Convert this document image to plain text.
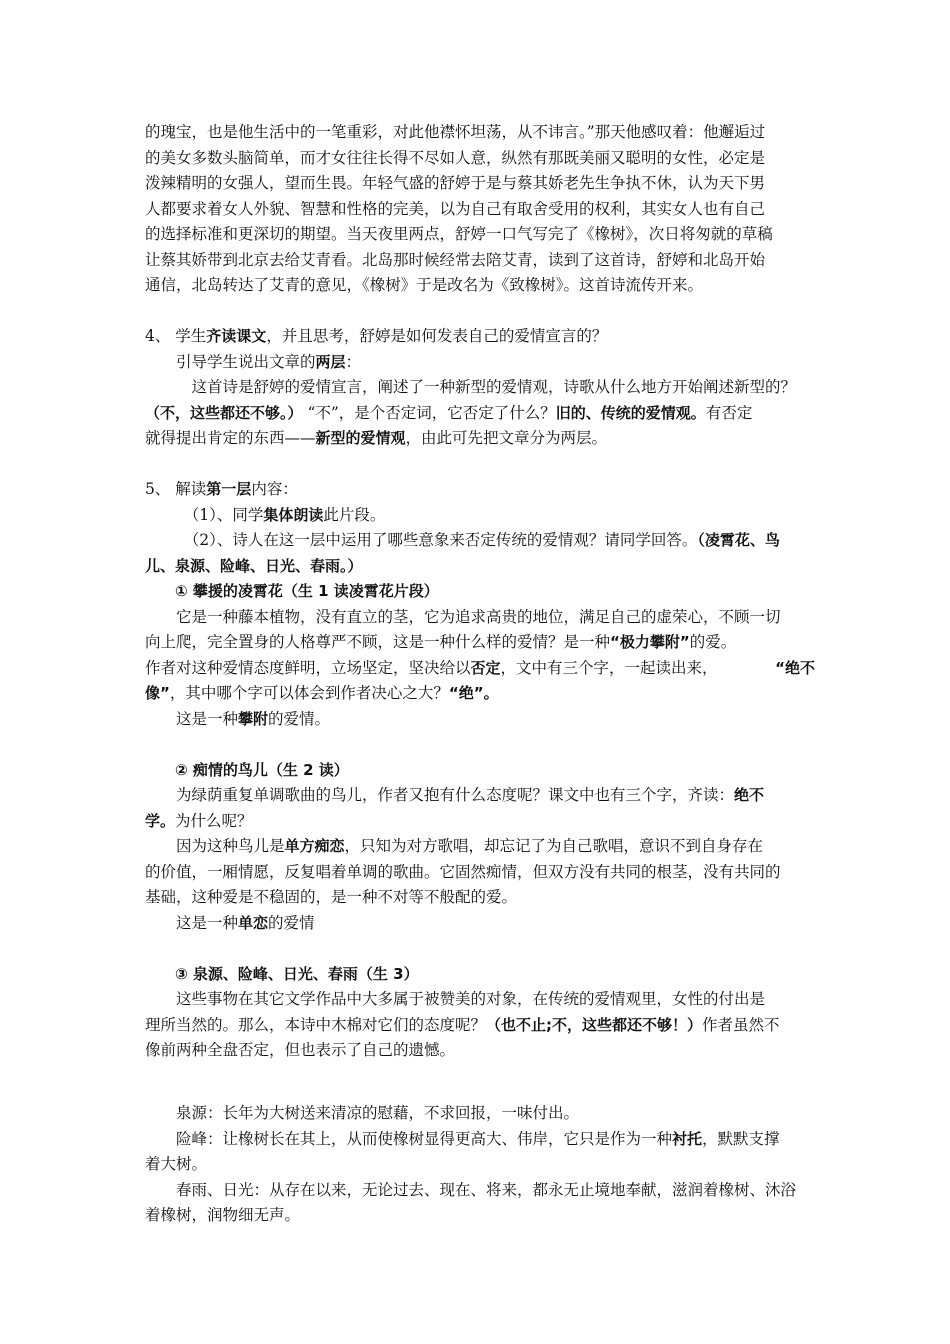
的瑰宝，也是他生活中的一笔重彩，对此他襟怀坦荡，从不讳言。”那天他感叹着：他邂逅过

的美女多数头脑简单，而才女往往长得不尽如人意，纵然有那既美丽又聪明的女性，必定是

泼辣精明的女强人，望而生畏。年轻气盛的舒婷于是与蔡其娇老先生争执不休，认为天下男

人都要求着女人外貌、智慧和性格的完美，以为自己有取舍受用的权利，其实女人也有自己

的选择标准和更深切的期望。当天夜里两点，舒婷一口气写完了《橡树》，次日将匆就的草稿

让蔡其娇带到北京去给艾青看。北岛那时候经常去陪艾青，读到了这首诗，舒婷和北岛开始

通信，北岛转达了艾青的意见，《橡树》于是改名为《致橡树》。这首诗流传开来。

4、 学生齐读课文，并且思考，舒婷是如何发表自己的爱情宣言的？

引导学生说出文章的两层：

这首诗是舒婷的爱情宣言，阐述了一种新型的爱情观，诗歌从什么地方开始阐述新型的？

（不，这些都还不够。） “不”，是个否定词，它否定了什么？旧的、传统的爱情观。有否定

就得提出肯定的东西——新型的爱情观，由此可先把文章分为两层。

5、 解读第一层内容：

（1）、同学集体朗读此片段。

（2）、诗人在这一层中运用了哪些意象来否定传统的爱情观？请同学回答。（凌霄花、鸟

儿、泉源、险峰、日光、春雨。）

① 攀援的凌霄花（生 1 读凌霄花片段）

它是一种藤本植物，没有直立的茎，它为追求高贵的地位，满足自己的虚荣心，不顾一切

向上爬，完全置身的人格尊严不顾，这是一种什么样的爱情？是一种“极力攀附”的爱。

作者对这种爱情态度鲜明，立场坚定，坚决给以否定，文中有三个字，一起读出来，	“绝不

像”，其中哪个字可以体会到作者决心之大？“绝”。

这是一种攀附的爱情。

② 痴情的鸟儿（生 2 读）

为绿荫重复单调歌曲的鸟儿，作者又抱有什么态度呢？课文中也有三个字，齐读：绝不

学。为什么呢？

因为这种鸟儿是单方痴恋，只知为对方歌唱，却忘记了为自己歌唱，意识不到自身存在

的价值，一厢情愿，反复唱着单调的歌曲。它固然痴情，但双方没有共同的根茎，没有共同的

基础，这种爱是不稳固的，是一种不对等不般配的爱。

这是一种单恋的爱情

③ 泉源、险峰、日光、春雨（生 3）

这些事物在其它文学作品中大多属于被赞美的对象，在传统的爱情观里，女性的付出是

理所当然的。那么，本诗中木棉对它们的态度呢？（也不止;不，这些都还不够！）作者虽然不

像前两种全盘否定，但也表示了自己的遗憾。

泉源：长年为大树送来清凉的慰藉，不求回报，一味付出。

险峰：让橡树长在其上，从而使橡树显得更高大、伟岸，它只是作为一种衬托，默默支撑

着大树。

春雨、日光：从存在以来，无论过去、现在、将来，都永无止境地奉献，滋润着橡树、沐浴

着橡树，润物细无声。
